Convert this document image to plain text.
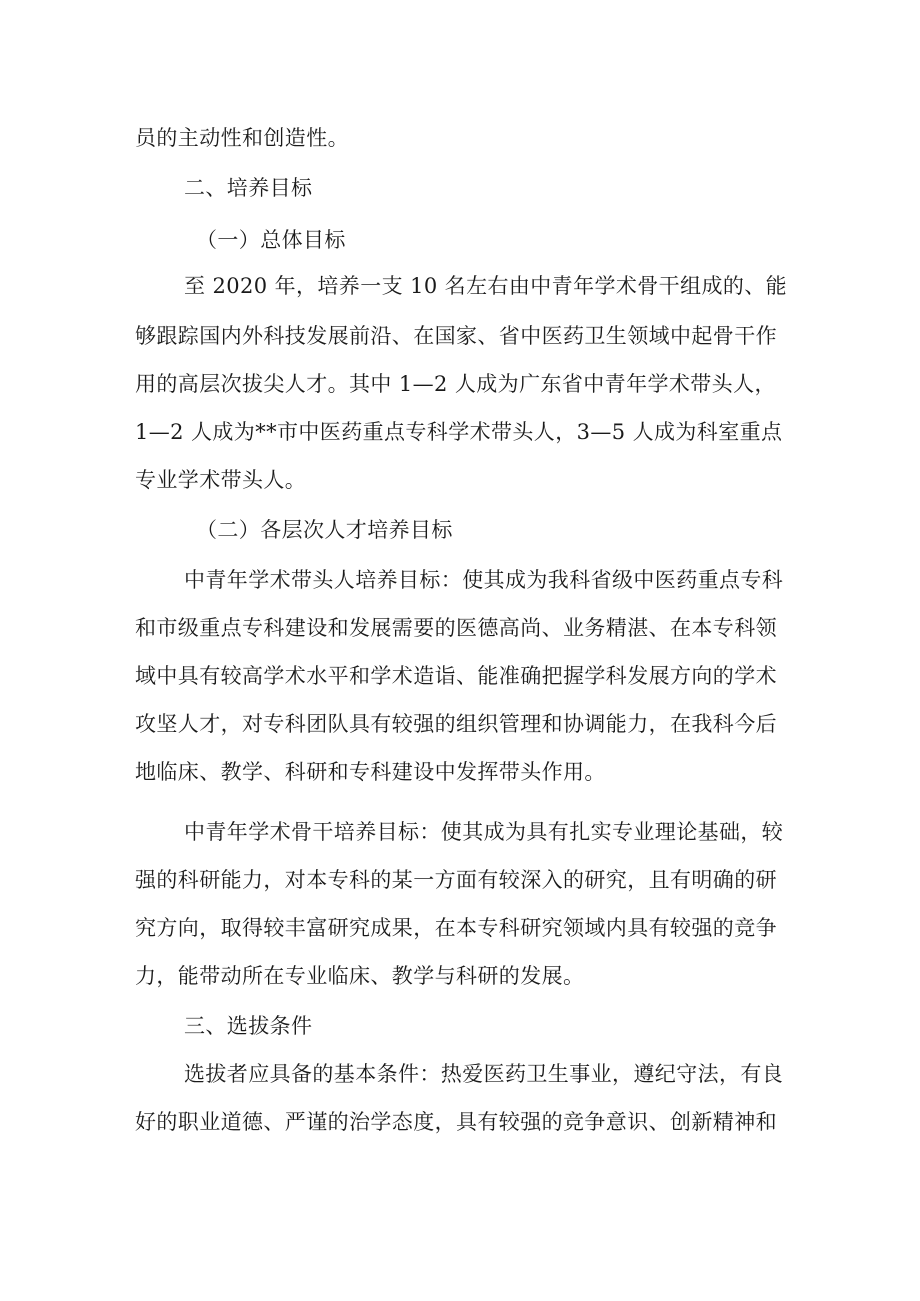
员的主动性和创造性。
二、培养目标
（一）总体目标
至 2020 年，培养一支 10 名左右由中青年学术骨干组成的、能
够跟踪国内外科技发展前沿、在国家、省中医药卫生领域中起骨干作
用的高层次拔尖人才。其中 1—2 人成为广东省中青年学术带头人，
1—2 人成为**市中医药重点专科学术带头人，3—5 人成为科室重点
专业学术带头人。
（二）各层次人才培养目标
中青年学术带头人培养目标：使其成为我科省级中医药重点专科
和市级重点专科建设和发展需要的医德高尚、业务精湛、在本专科领
域中具有较高学术水平和学术造诣、能准确把握学科发展方向的学术
攻坚人才，对专科团队具有较强的组织管理和协调能力，在我科今后
地临床、教学、科研和专科建设中发挥带头作用。
中青年学术骨干培养目标：使其成为具有扎实专业理论基础，较
强的科研能力，对本专科的某一方面有较深入的研究，且有明确的研
究方向，取得较丰富研究成果，在本专科研究领域内具有较强的竞争
力，能带动所在专业临床、教学与科研的发展。
三、选拔条件
选拔者应具备的基本条件：热爱医药卫生事业，遵纪守法，有良
好的职业道德、严谨的治学态度，具有较强的竞争意识、创新精神和
